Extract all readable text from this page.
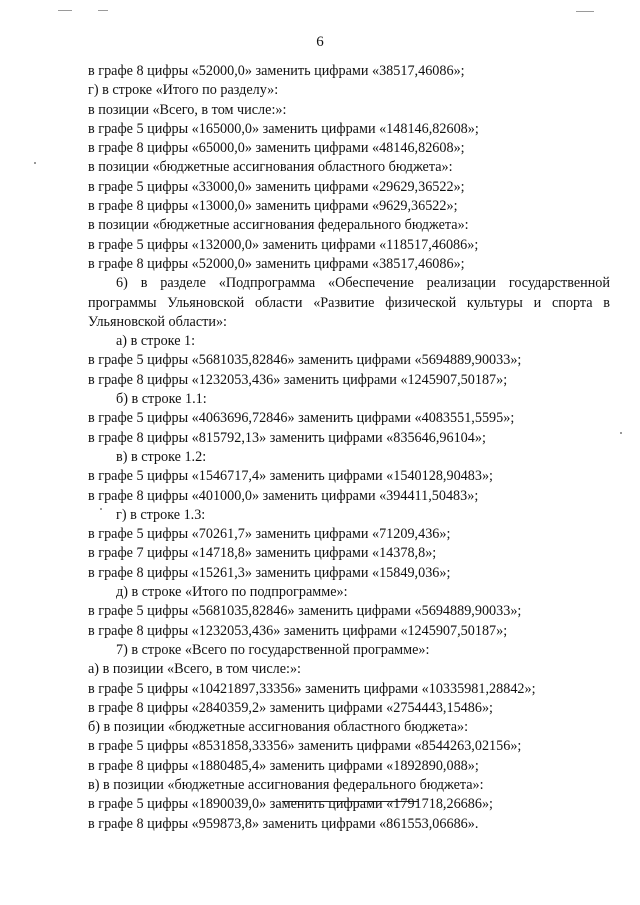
6
в графе 8 цифры «52000,0» заменить цифрами «38517,46086»;
г) в строке «Итого по разделу»:
в позиции «Всего, в том числе:»:
в графе 5 цифры «165000,0» заменить цифрами «148146,82608»;
в графе 8 цифры «65000,0» заменить цифрами «48146,82608»;
в позиции «бюджетные ассигнования областного бюджета»:
в графе 5 цифры «33000,0» заменить цифрами «29629,36522»;
в графе 8 цифры «13000,0» заменить цифрами «9629,36522»;
в позиции «бюджетные ассигнования федерального бюджета»:
в графе 5 цифры «132000,0» заменить цифрами «118517,46086»;
в графе 8 цифры «52000,0» заменить цифрами «38517,46086»;
6) в разделе «Подпрограмма «Обеспечение реализации государственной программы Ульяновской области «Развитие физической культуры и спорта в Ульяновской области»:
а) в строке 1:
в графе 5 цифры «5681035,82846» заменить цифрами «5694889,90033»;
в графе 8 цифры «1232053,436» заменить цифрами «1245907,50187»;
б) в строке 1.1:
в графе 5 цифры «4063696,72846» заменить цифрами «4083551,5595»;
в графе 8 цифры «815792,13» заменить цифрами «835646,96104»;
в) в строке 1.2:
в графе 5 цифры «1546717,4» заменить цифрами «1540128,90483»;
в графе 8 цифры «401000,0» заменить цифрами «394411,50483»;
г) в строке 1.3:
в графе 5 цифры «70261,7» заменить цифрами «71209,436»;
в графе 7 цифры «14718,8» заменить цифрами «14378,8»;
в графе 8 цифры «15261,3» заменить цифрами «15849,036»;
д) в строке «Итого по подпрограмме»:
в графе 5 цифры «5681035,82846» заменить цифрами «5694889,90033»;
в графе 8 цифры «1232053,436» заменить цифрами «1245907,50187»;
7) в строке «Всего по государственной программе»:
а) в позиции «Всего, в том числе:»:
в графе 5 цифры «10421897,33356» заменить цифрами «10335981,28842»;
в графе 8 цифры «2840359,2» заменить цифрами «2754443,15486»;
б) в позиции «бюджетные ассигнования областного бюджета»:
в графе 5 цифры «8531858,33356» заменить цифрами «8544263,02156»;
в графе 8 цифры «1880485,4» заменить цифрами «1892890,088»;
в) в позиции «бюджетные ассигнования федерального бюджета»:
в графе 5 цифры «1890039,0» заменить цифрами «1791718,26686»;
в графе 8 цифры «959873,8» заменить цифрами «861553,06686».
